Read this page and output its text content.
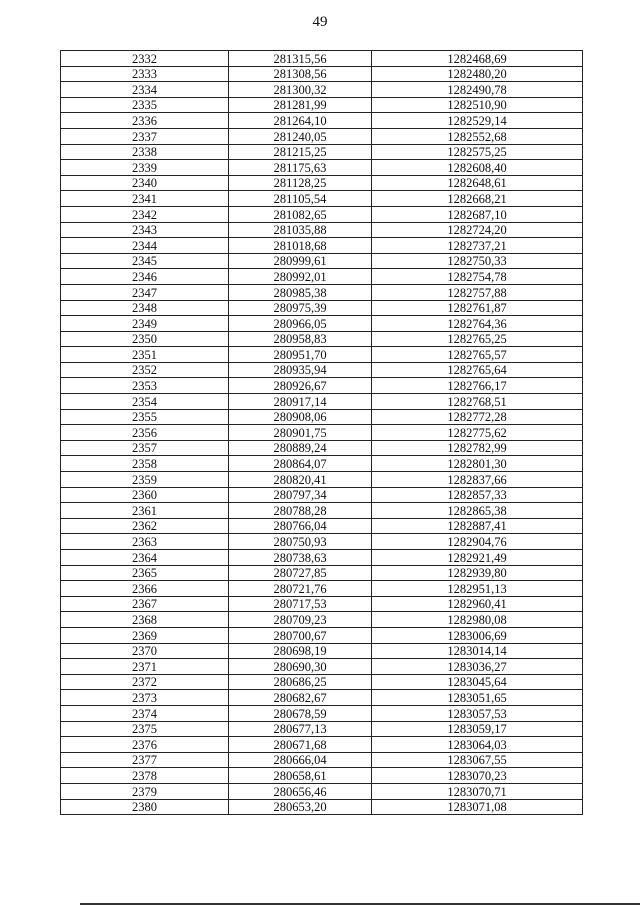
49
2332	281315,56	1282468,69
2333	281308,56	1282480,20
2334	281300,32	1282490,78
2335	281281,99	1282510,90
2336	281264,10	1282529,14
2337	281240,05	1282552,68
2338	281215,25	1282575,25
2339	281175,63	1282608,40
2340	281128,25	1282648,61
2341	281105,54	1282668,21
2342	281082,65	1282687,10
2343	281035,88	1282724,20
2344	281018,68	1282737,21
2345	280999,61	1282750,33
2346	280992,01	1282754,78
2347	280985,38	1282757,88
2348	280975,39	1282761,87
2349	280966,05	1282764,36
2350	280958,83	1282765,25
2351	280951,70	1282765,57
2352	280935,94	1282765,64
2353	280926,67	1282766,17
2354	280917,14	1282768,51
2355	280908,06	1282772,28
2356	280901,75	1282775,62
2357	280889,24	1282782,99
2358	280864,07	1282801,30
2359	280820,41	1282837,66
2360	280797,34	1282857,33
2361	280788,28	1282865,38
2362	280766,04	1282887,41
2363	280750,93	1282904,76
2364	280738,63	1282921,49
2365	280727,85	1282939,80
2366	280721,76	1282951,13
2367	280717,53	1282960,41
2368	280709,23	1282980,08
2369	280700,67	1283006,69
2370	280698,19	1283014,14
2371	280690,30	1283036,27
2372	280686,25	1283045,64
2373	280682,67	1283051,65
2374	280678,59	1283057,53
2375	280677,13	1283059,17
2376	280671,68	1283064,03
2377	280666,04	1283067,55
2378	280658,61	1283070,23
2379	280656,46	1283070,71
2380	280653,20	1283071,08
